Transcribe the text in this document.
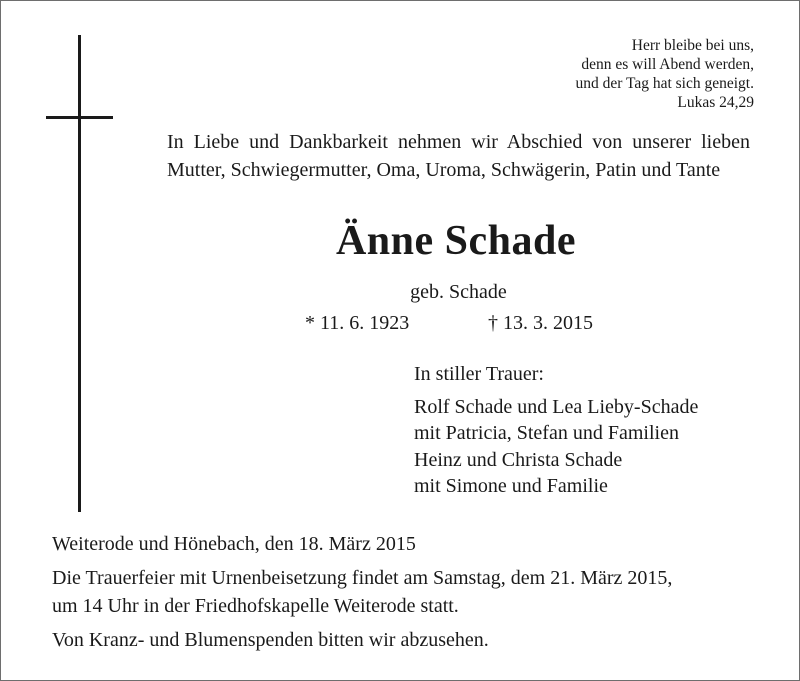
Herr bleibe bei uns,
denn es will Abend werden,
und der Tag hat sich geneigt.
Lukas 24,29
In Liebe und Dankbarkeit nehmen wir Abschied von unserer lieben Mutter, Schwiegermutter, Oma, Uroma, Schwägerin, Patin und Tante
Änne Schade
geb. Schade
* 11. 6. 1923	† 13. 3. 2015
In stiller Trauer:
Rolf Schade und Lea Lieby-Schade
mit Patricia, Stefan und Familien
Heinz und Christa Schade
mit Simone und Familie
Weiterode und Hönebach, den 18. März 2015
Die Trauerfeier mit Urnenbeisetzung findet am Samstag, dem 21. März 2015,
um 14 Uhr in der Friedhofskapelle Weiterode statt.
Von Kranz- und Blumenspenden bitten wir abzusehen.
